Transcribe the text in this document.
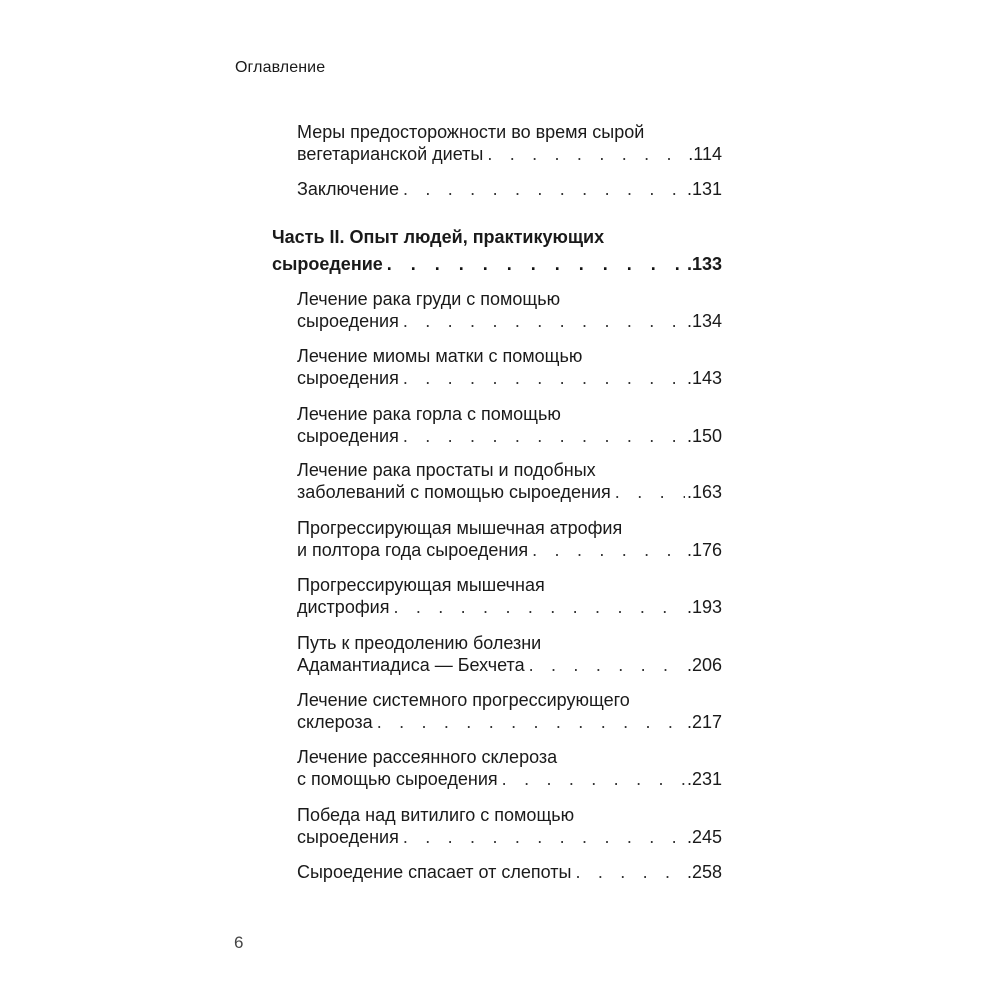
Оглавление
Меры предосторожности во время сырой
вегетарианской диеты . . .	.114
Заключение . . .	.131
Часть II. Опыт людей, практикующих
сыроедение . . .	.133
Лечение рака груди с помощью
сыроедения . . .	.134
Лечение миомы матки с помощью
сыроедения . . .	.143
Лечение рака горла с помощью
сыроедения . . .	.150
Лечение рака простаты и подобных
заболеваний с помощью сыроедения . . .	.163
Прогрессирующая мышечная атрофия
и полтора года сыроедения . . .	.176
Прогрессирующая мышечная
дистрофия . . .	.193
Путь к преодолению болезни
Адамантиадиса — Бехчета . . .	.206
Лечение системного прогрессирующего
склероза . . .	.217
Лечение рассеянного склероза
с помощью сыроедения . . .	.231
Победа над витилиго с помощью
сыроедения . . .	.245
Сыроедение спасает от слепоты . . .	.258
6
